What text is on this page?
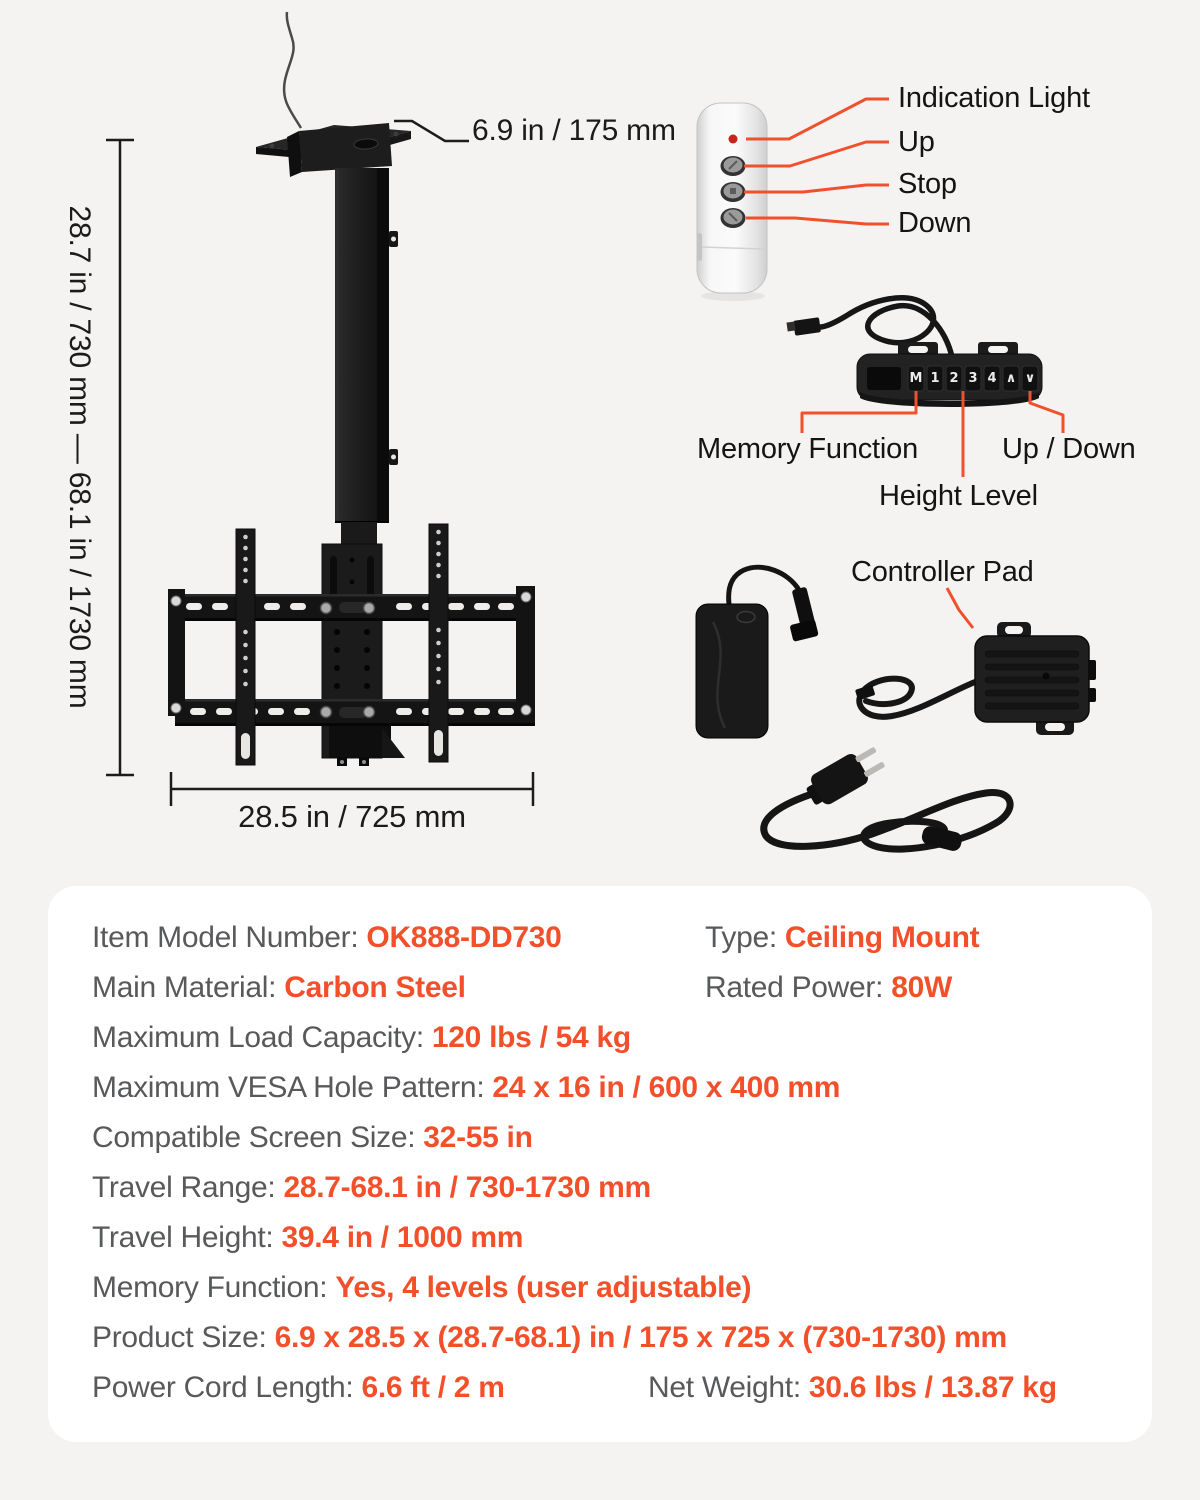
6.9 in / 175 mm
28.7 in / 730 mm — 68.1 in / 1730 mm
28.5 in / 725 mm
Indication Light
Up
Stop
Down
M 1 2 3 4 ∧ ∨
Memory Function	Up / Down
Height Level
Controller Pad
Item Model Number: OK888-DD730	Type: Ceiling Mount
Main Material: Carbon Steel	Rated Power: 80W
Maximum Load Capacity: 120 lbs / 54 kg
Maximum VESA Hole Pattern: 24 x 16 in / 600 x 400 mm
Compatible Screen Size: 32-55 in
Travel Range: 28.7-68.1 in / 730-1730 mm
Travel Height: 39.4 in / 1000 mm
Memory Function: Yes, 4 levels (user adjustable)
Product Size: 6.9 x 28.5 x (28.7-68.1) in / 175 x 725 x (730-1730) mm
Power Cord Length: 6.6 ft / 2 m	Net Weight: 30.6 lbs / 13.87 kg
